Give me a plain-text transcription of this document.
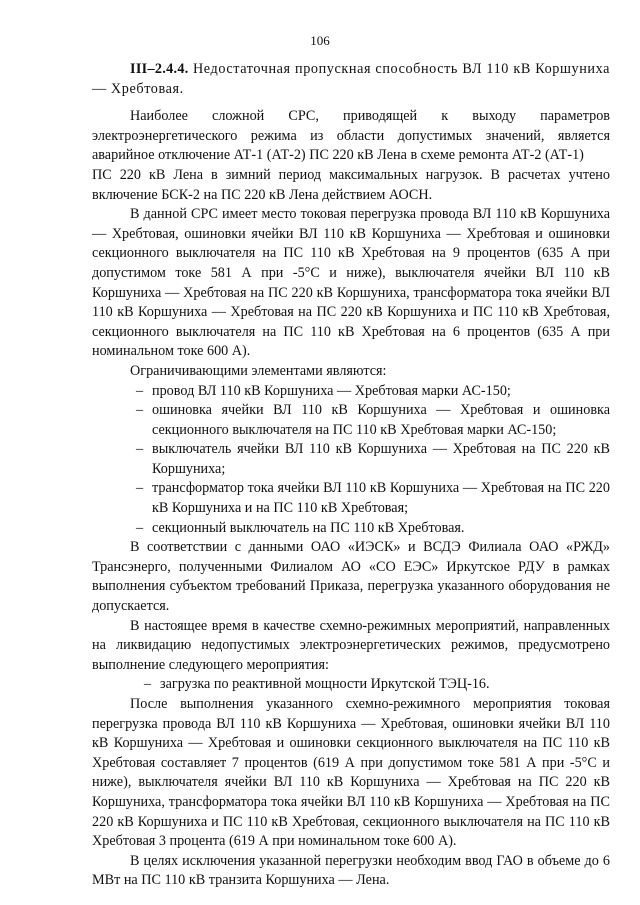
106

III–2.4.4. Недостаточная пропускная способность ВЛ 110 кВ Коршуниха — Хребтовая.

Наиболее сложной СРС, приводящей к выходу параметров электроэнергетического режима из области допустимых значений, является аварийное отключение АТ-1 (АТ-2) ПС 220 кВ Лена в схеме ремонта АТ-2 (АТ-1)

ПС 220 кВ Лена в зимний период максимальных нагрузок. В расчетах учтено включение БСК-2 на ПС 220 кВ Лена действием АОСН.

В данной СРС имеет место токовая перегрузка провода ВЛ 110 кВ Коршуниха — Хребтовая, ошиновки ячейки ВЛ 110 кВ Коршуниха — Хребтовая и ошиновки секционного выключателя на ПС 110 кВ Хребтовая на 9 процентов (635 А при допустимом токе 581 А при -5°С и ниже), выключателя ячейки ВЛ 110 кВ Коршуниха — Хребтовая на ПС 220 кВ Коршуниха, трансформатора тока ячейки ВЛ 110 кВ Коршуниха — Хребтовая на ПС 220 кВ Коршуниха и ПС 110 кВ Хребтовая, секционного выключателя на ПС 110 кВ Хребтовая на 6 процентов (635 А при номинальном токе 600 А).

Ограничивающими элементами являются:

– провод ВЛ 110 кВ Коршуниха — Хребтовая марки АС-150;
– ошиновка ячейки ВЛ 110 кВ Коршуниха — Хребтовая и ошиновка секционного выключателя на ПС 110 кВ Хребтовая марки АС-150;
– выключатель ячейки ВЛ 110 кВ Коршуниха — Хребтовая на ПС 220 кВ Коршуниха;
– трансформатор тока ячейки ВЛ 110 кВ Коршуниха — Хребтовая на ПС 220 кВ Коршуниха и на ПС 110 кВ Хребтовая;
– секционный выключатель на ПС 110 кВ Хребтовая.

В соответствии с данными ОАО «ИЭСК» и ВСДЭ Филиала ОАО «РЖД» Трансэнерго, полученными Филиалом АО «СО ЕЭС» Иркутское РДУ в рамках выполнения субъектом требований Приказа, перегрузка указанного оборудования не допускается.

В настоящее время в качестве схемно-режимных мероприятий, направленных на ликвидацию недопустимых электроэнергетических режимов, предусмотрено выполнение следующего мероприятия:

– загрузка по реактивной мощности Иркутской ТЭЦ-16.

После выполнения указанного схемно-режимного мероприятия токовая перегрузка провода ВЛ 110 кВ Коршуниха — Хребтовая, ошиновки ячейки ВЛ 110 кВ Коршуниха — Хребтовая и ошиновки секционного выключателя на ПС 110 кВ Хребтовая составляет 7 процентов (619 А при допустимом токе 581 А при -5°С и ниже), выключателя ячейки ВЛ 110 кВ Коршуниха — Хребтовая на ПС 220 кВ Коршуниха, трансформатора тока ячейки ВЛ 110 кВ Коршуниха — Хребтовая на ПС 220 кВ Коршуниха и ПС 110 кВ Хребтовая, секционного выключателя на ПС 110 кВ Хребтовая 3 процента (619 А при номинальном токе 600 А).

В целях исключения указанной перегрузки необходим ввод ГАО в объеме до 6 МВт на ПС 110 кВ транзита Коршуниха — Лена.
